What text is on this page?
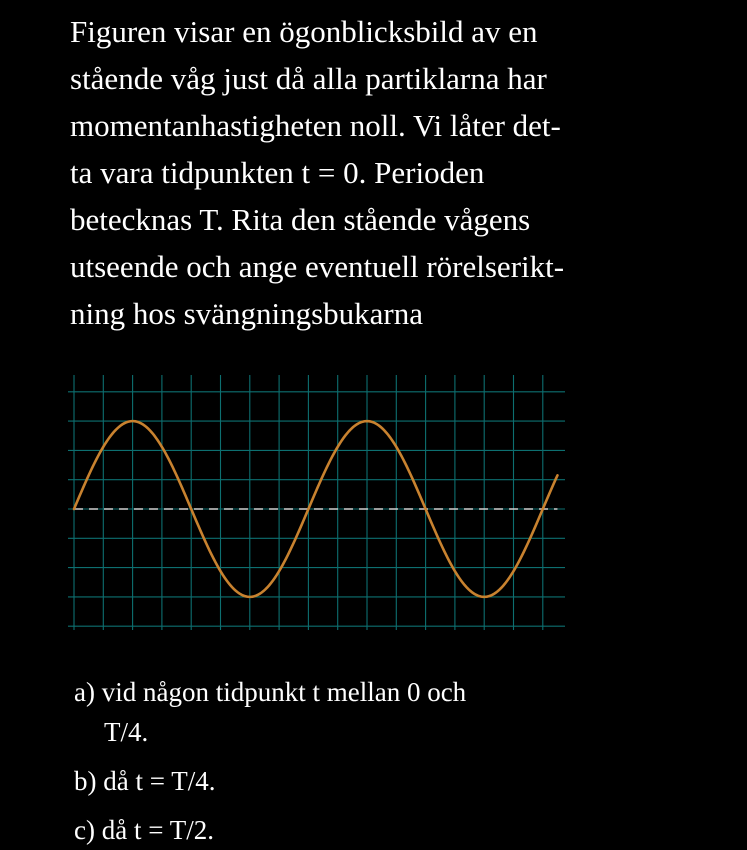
Figuren visar en ögonblicksbild av en
stående våg just då alla partiklarna har
momentanhastigheten noll. Vi låter det-
ta vara tidpunkten t = 0. Perioden
betecknas T. Rita den stående vågens
utseende och ange eventuell rörelserikt-
ning hos svängningsbukarna
a) vid någon tidpunkt t mellan 0 och
T/4.
b) då t = T/4.
c) då t = T/2.
